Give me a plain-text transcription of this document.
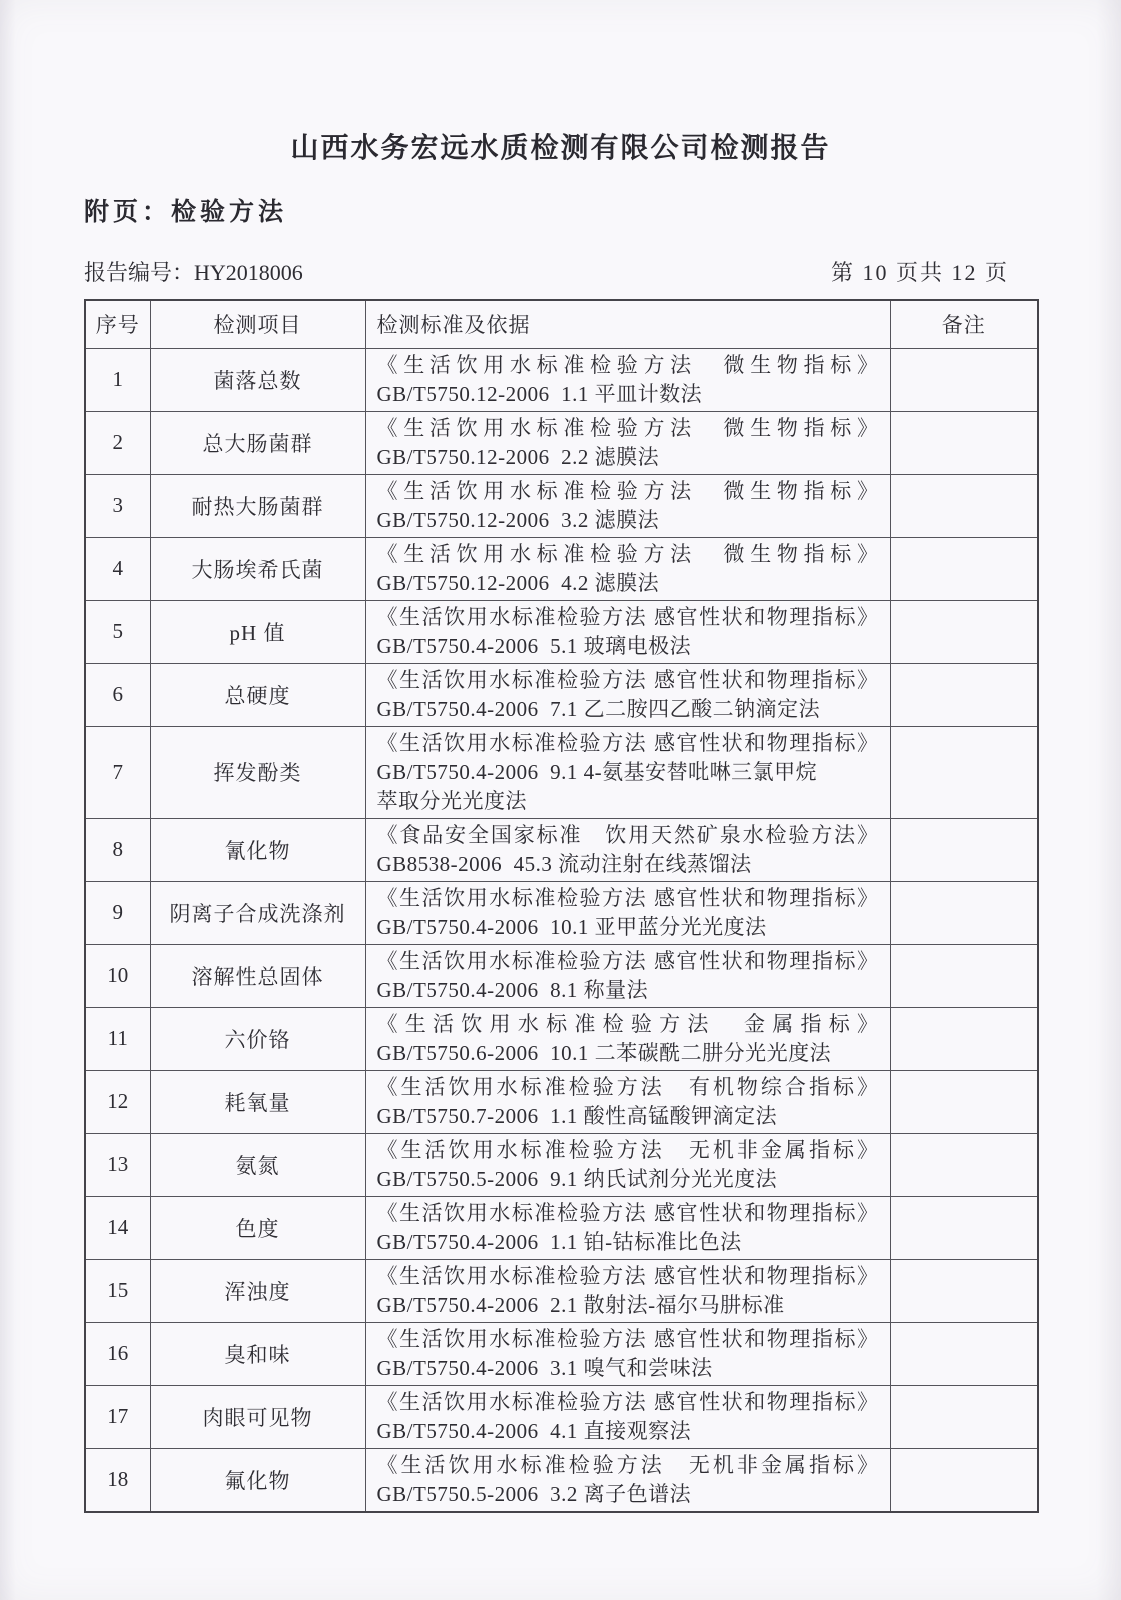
山西水务宏远水质检测有限公司检测报告
附页：检验方法
报告编号：HY2018006	第 10 页共 12 页
序号	检测项目	检测标准及依据	备注
1	菌落总数	《生活饮用水标准检验方法　微生物指标》
GB/T5750.12-2006  1.1 平皿计数法	

2	总大肠菌群	《生活饮用水标准检验方法　微生物指标》
GB/T5750.12-2006  2.2 滤膜法	

3	耐热大肠菌群	《生活饮用水标准检验方法　微生物指标》
GB/T5750.12-2006  3.2 滤膜法	

4	大肠埃希氏菌	《生活饮用水标准检验方法　微生物指标》
GB/T5750.12-2006  4.2 滤膜法	

5	pH 值	《生活饮用水标准检验方法 感官性状和物理指标》
GB/T5750.4-2006  5.1 玻璃电极法	

6	总硬度	《生活饮用水标准检验方法 感官性状和物理指标》
GB/T5750.4-2006  7.1 乙二胺四乙酸二钠滴定法	

7	挥发酚类	《生活饮用水标准检验方法 感官性状和物理指标》
GB/T5750.4-2006  9.1 4-氨基安替吡啉三氯甲烷
萃取分光光度法	

8	氰化物	《食品安全国家标准　饮用天然矿泉水检验方法》
GB8538-2006  45.3 流动注射在线蒸馏法	

9	阴离子合成洗涤剂	《生活饮用水标准检验方法 感官性状和物理指标》
GB/T5750.4-2006  10.1 亚甲蓝分光光度法	

10	溶解性总固体	《生活饮用水标准检验方法 感官性状和物理指标》
GB/T5750.4-2006  8.1 称量法	

11	六价铬	《生活饮用水标准检验方法　金属指标》
GB/T5750.6-2006  10.1 二苯碳酰二肼分光光度法	

12	耗氧量	《生活饮用水标准检验方法　有机物综合指标》
GB/T5750.7-2006  1.1 酸性高锰酸钾滴定法	

13	氨氮	《生活饮用水标准检验方法　无机非金属指标》
GB/T5750.5-2006  9.1 纳氏试剂分光光度法	

14	色度	《生活饮用水标准检验方法 感官性状和物理指标》
GB/T5750.4-2006  1.1 铂-钴标准比色法	

15	浑浊度	《生活饮用水标准检验方法 感官性状和物理指标》
GB/T5750.4-2006  2.1 散射法-福尔马肼标准	

16	臭和味	《生活饮用水标准检验方法 感官性状和物理指标》
GB/T5750.4-2006  3.1 嗅气和尝味法	

17	肉眼可见物	《生活饮用水标准检验方法 感官性状和物理指标》
GB/T5750.4-2006  4.1 直接观察法	

18	氟化物	《生活饮用水标准检验方法　无机非金属指标》
GB/T5750.5-2006  3.2 离子色谱法	
